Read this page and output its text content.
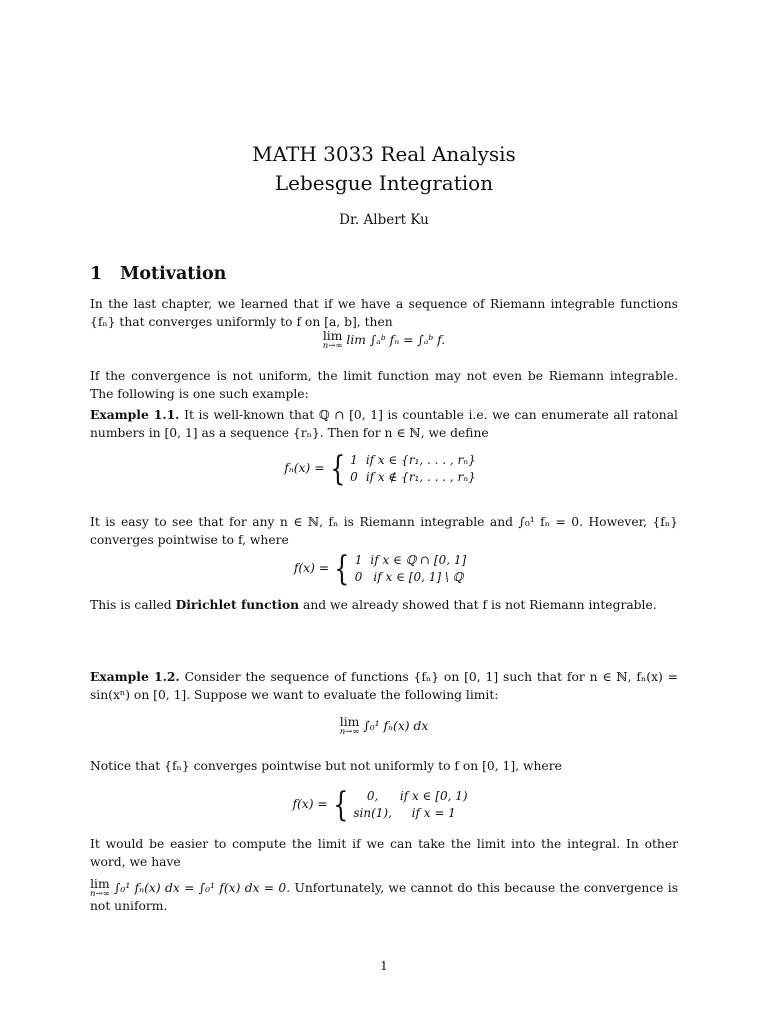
MATH 3033 Real Analysis
Lebesgue Integration
Dr. Albert Ku
1 Motivation
In the last chapter, we learned that if we have a sequence of Riemann integrable functions {fₙ} that converges uniformly to f on [a, b], then
lim
n→∞ lim ∫ₐᵇ fₙ = ∫ₐᵇ f.
If the convergence is not uniform, the limit function may not even be Riemann integrable. The following is one such example:
Example 1.1. It is well-known that ℚ ∩ [0, 1] is countable i.e. we can enumerate all ratonal numbers in [0, 1] as a sequence {rₙ}. Then for n ∈ ℕ, we define
fₙ(x) = { 1	if x ∈ {r₁, . . . , rₙ}
0	if x ∉ {r₁, . . . , rₙ}
It is easy to see that for any n ∈ ℕ, fₙ is Riemann integrable and ∫₀¹ fₙ = 0. However, {fₙ} converges pointwise to f, where
f(x) = { 1	if x ∈ ℚ ∩ [0, 1]
0	if x ∈ [0, 1] \ ℚ
This is called Dirichlet function and we already showed that f is not Riemann integrable.
Example 1.2. Consider the sequence of functions {fₙ} on [0, 1] such that for n ∈ ℕ, fₙ(x) = sin(xⁿ) on [0, 1]. Suppose we want to evaluate the following limit:
lim
n→∞ ∫₀¹ fₙ(x) dx
Notice that {fₙ} converges pointwise but not uniformly to f on [0, 1], where
f(x) = { 0,	if x ∈ [0, 1)
sin(1),	if x = 1
It would be easier to compute the limit if we can take the limit into the integral. In other word, we have
lim
n→∞ ∫₀¹ fₙ(x) dx = ∫₀¹ f(x) dx = 0. Unfortunately, we cannot do this because the convergence is not uniform.
1
